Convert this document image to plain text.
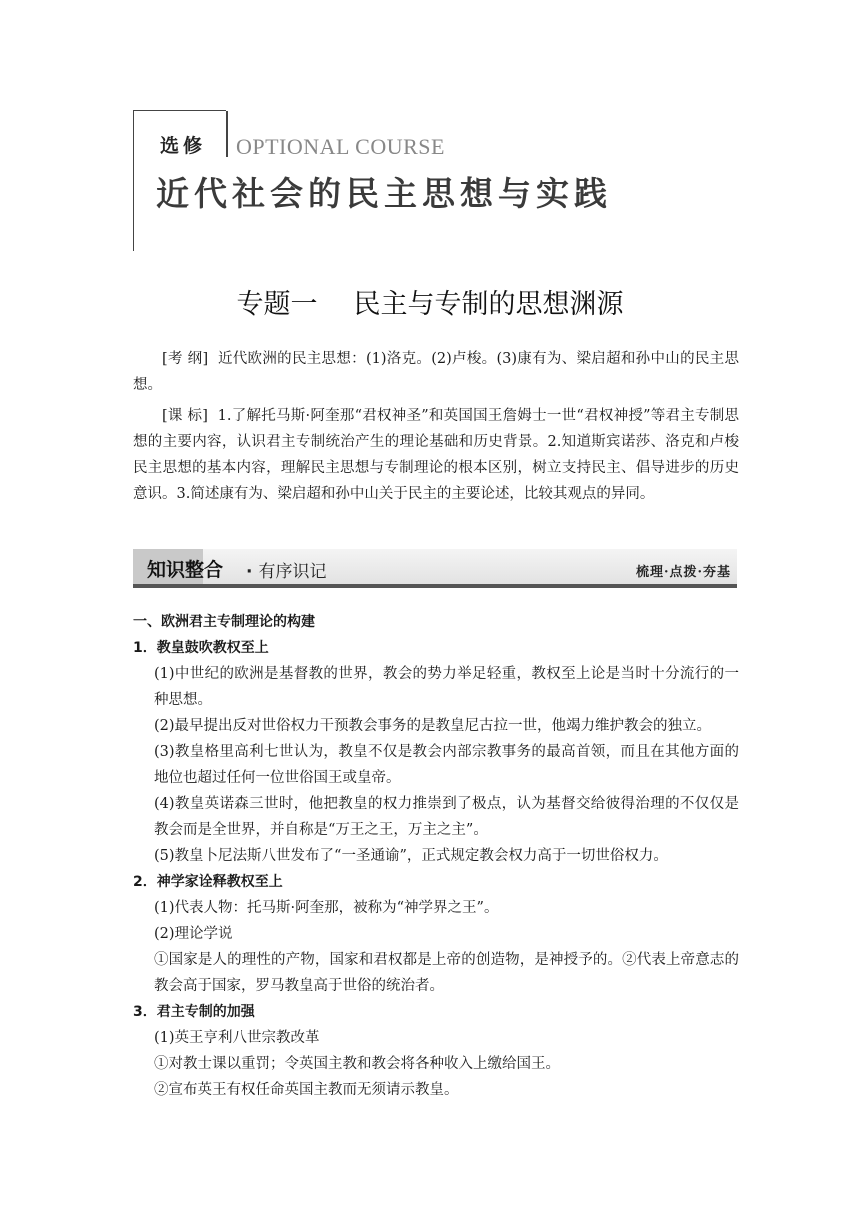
选修 OPTIONAL COURSE
近代社会的民主思想与实践
专题一 民主与专制的思想渊源

[考 纲] 近代欧洲的民主思想：(1)洛克。(2)卢梭。(3)康有为、梁启超和孙中山的民主思想。

[课 标] 1.了解托马斯·阿奎那“君权神圣”和英国国王詹姆士一世“君权神授”等君主专制思想的主要内容，认识君主专制统治产生的理论基础和历史背景。2.知道斯宾诺莎、洛克和卢梭民主思想的基本内容，理解民主思想与专制理论的根本区别，树立支持民主、倡导进步的历史意识。3.简述康有为、梁启超和孙中山关于民主的主要论述，比较其观点的异同。

知识整合	· 有序识记	梳理·点拨·夯基

一、欧洲君主专制理论的构建

1．教皇鼓吹教权至上

(1)中世纪的欧洲是基督教的世界，教会的势力举足轻重，教权至上论是当时十分流行的一种思想。

(2)最早提出反对世俗权力干预教会事务的是教皇尼古拉一世，他竭力维护教会的独立。

(3)教皇格里高利七世认为，教皇不仅是教会内部宗教事务的最高首领，而且在其他方面的地位也超过任何一位世俗国王或皇帝。

(4)教皇英诺森三世时，他把教皇的权力推崇到了极点，认为基督交给彼得治理的不仅仅是教会而是全世界，并自称是“万王之王，万主之主”。

(5)教皇卜尼法斯八世发布了“一圣通谕”，正式规定教会权力高于一切世俗权力。

2．神学家诠释教权至上

(1)代表人物：托马斯·阿奎那，被称为“神学界之王”。

(2)理论学说

①国家是人的理性的产物，国家和君权都是上帝的创造物，是神授予的。②代表上帝意志的教会高于国家，罗马教皇高于世俗的统治者。

3．君主专制的加强

(1)英王亨利八世宗教改革

①对教士课以重罚；令英国主教和教会将各种收入上缴给国王。

②宣布英王有权任命英国主教而无须请示教皇。
